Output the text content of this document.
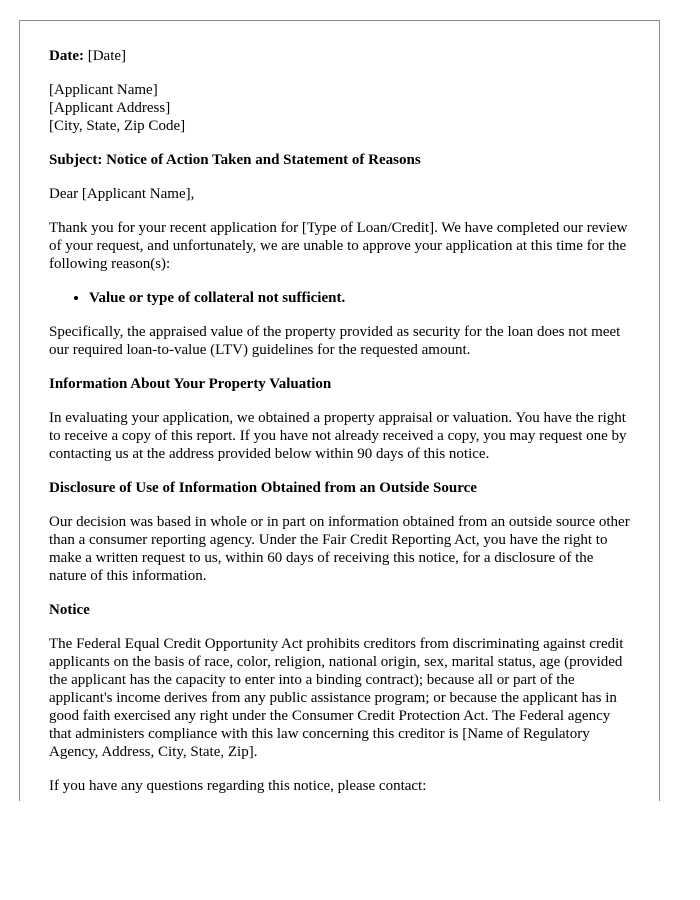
Date: [Date]

[Applicant Name]
[Applicant Address]
[City, State, Zip Code]

Subject: Notice of Action Taken and Statement of Reasons

Dear [Applicant Name],

Thank you for your recent application for [Type of Loan/Credit]. We have completed our review of your request, and unfortunately, we are unable to approve your application at this time for the following reason(s):

• Value or type of collateral not sufficient.

Specifically, the appraised value of the property provided as security for the loan does not meet our required loan-to-value (LTV) guidelines for the requested amount.

Information About Your Property Valuation

In evaluating your application, we obtained a property appraisal or valuation. You have the right to receive a copy of this report. If you have not already received a copy, you may request one by contacting us at the address provided below within 90 days of this notice.

Disclosure of Use of Information Obtained from an Outside Source

Our decision was based in whole or in part on information obtained from an outside source other than a consumer reporting agency. Under the Fair Credit Reporting Act, you have the right to make a written request to us, within 60 days of receiving this notice, for a disclosure of the nature of this information.

Notice

The Federal Equal Credit Opportunity Act prohibits creditors from discriminating against credit applicants on the basis of race, color, religion, national origin, sex, marital status, age (provided the applicant has the capacity to enter into a binding contract); because all or part of the applicant's income derives from any public assistance program; or because the applicant has in good faith exercised any right under the Consumer Credit Protection Act. The Federal agency that administers compliance with this law concerning this creditor is [Name of Regulatory Agency, Address, City, State, Zip].

If you have any questions regarding this notice, please contact:
